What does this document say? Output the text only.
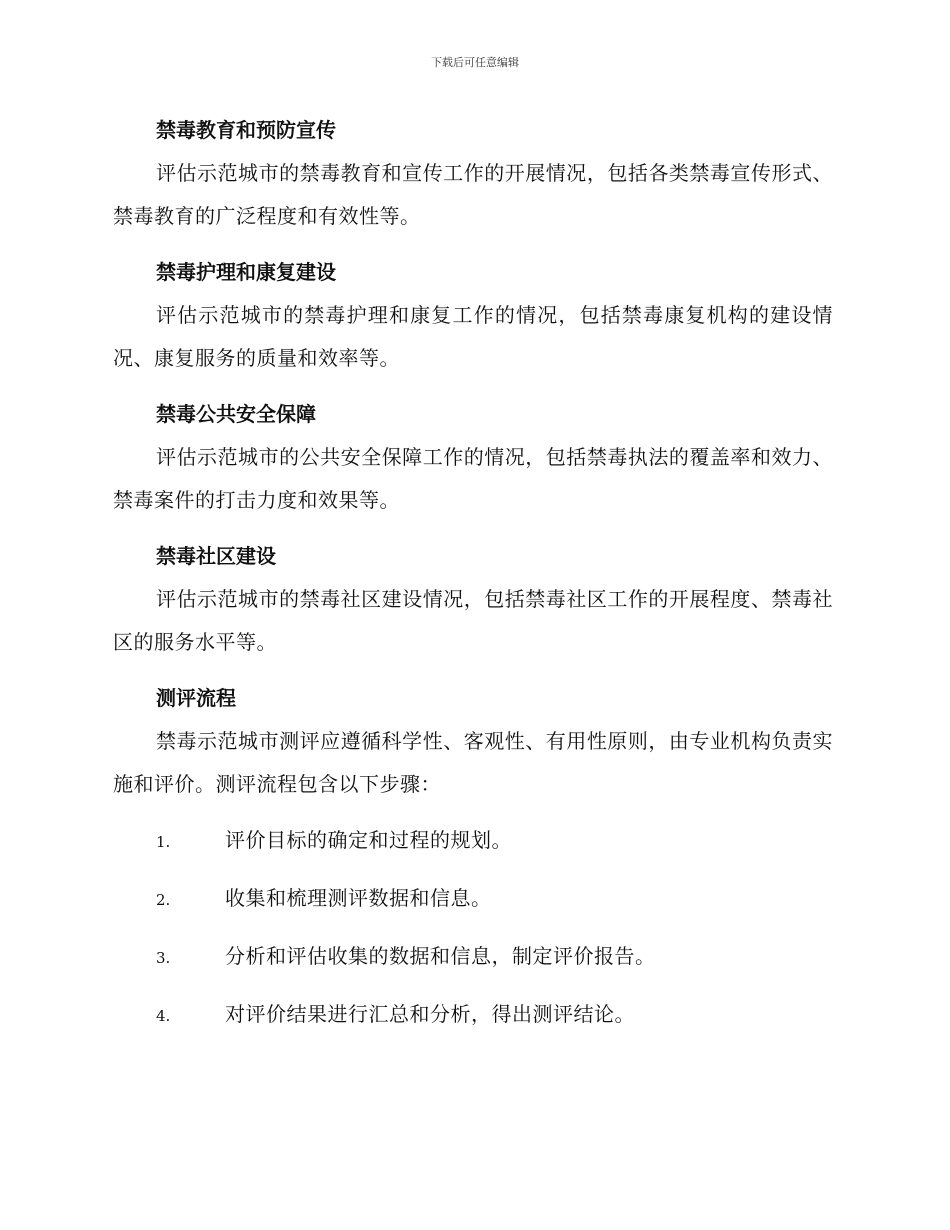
下载后可任意编辑
禁毒教育和预防宣传

评估示范城市的禁毒教育和宣传工作的开展情况，包括各类禁毒宣传形式、禁毒教育的广泛程度和有效性等。

禁毒护理和康复建设

评估示范城市的禁毒护理和康复工作的情况，包括禁毒康复机构的建设情况、康复服务的质量和效率等。

禁毒公共安全保障

评估示范城市的公共安全保障工作的情况，包括禁毒执法的覆盖率和效力、禁毒案件的打击力度和效果等。

禁毒社区建设

评估示范城市的禁毒社区建设情况，包括禁毒社区工作的开展程度、禁毒社区的服务水平等。

测评流程

禁毒示范城市测评应遵循科学性、客观性、有用性原则，由专业机构负责实施和评价。测评流程包含以下步骤：

1.	评价目标的确定和过程的规划。
2.	收集和梳理测评数据和信息。
3.	分析和评估收集的数据和信息，制定评价报告。
4.	对评价结果进行汇总和分析，得出测评结论。
